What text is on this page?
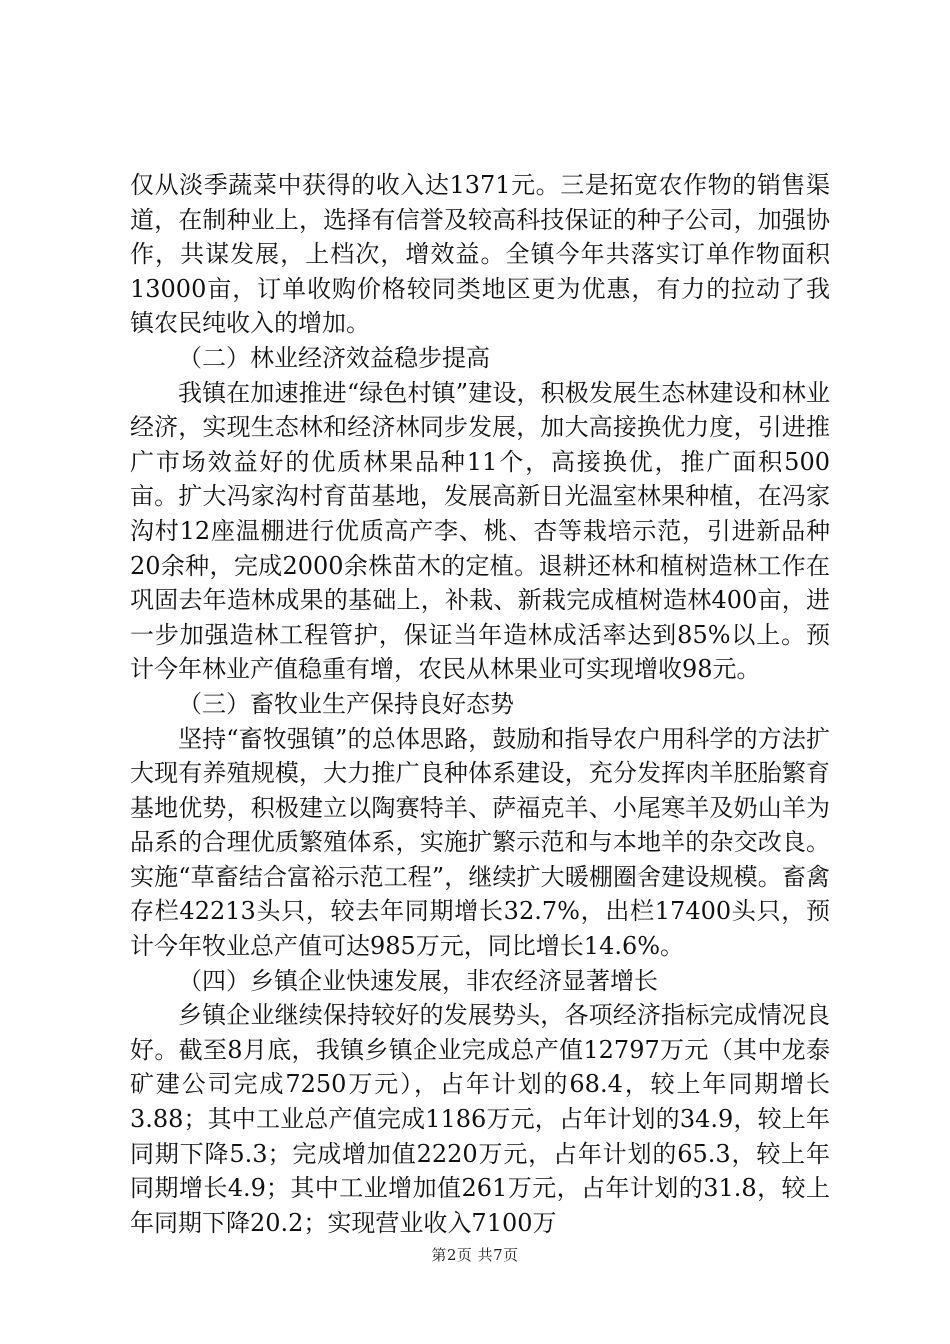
仅从淡季蔬菜中获得的收入达1371元。三是拓宽农作物的销售渠道，在制种业上，选择有信誉及较高科技保证的种子公司，加强协作，共谋发展，上档次，增效益。全镇今年共落实订单作物面积13000亩，订单收购价格较同类地区更为优惠，有力的拉动了我镇农民纯收入的增加。

（二）林业经济效益稳步提高

我镇在加速推进“绿色村镇”建设，积极发展生态林建设和林业经济，实现生态林和经济林同步发展，加大高接换优力度，引进推广市场效益好的优质林果品种11个，高接换优，推广面积500亩。扩大冯家沟村育苗基地，发展高新日光温室林果种植，在冯家沟村12座温棚进行优质高产李、桃、杏等栽培示范，引进新品种20余种，完成2000余株苗木的定植。退耕还林和植树造林工作在巩固去年造林成果的基础上，补栽、新栽完成植树造林400亩，进一步加强造林工程管护，保证当年造林成活率达到85%以上。预计今年林业产值稳重有增，农民从林果业可实现增收98元。

（三）畜牧业生产保持良好态势

坚持“畜牧强镇”的总体思路，鼓励和指导农户用科学的方法扩大现有养殖规模，大力推广良种体系建设，充分发挥肉羊胚胎繁育基地优势，积极建立以陶赛特羊、萨福克羊、小尾寒羊及奶山羊为品系的合理优质繁殖体系，实施扩繁示范和与本地羊的杂交改良。实施“草畜结合富裕示范工程”，继续扩大暖棚圈舍建设规模。畜禽存栏42213头只，较去年同期增长32.7%，出栏17400头只，预计今年牧业总产值可达985万元，同比增长14.6%。

（四）乡镇企业快速发展，非农经济显著增长

乡镇企业继续保持较好的发展势头，各项经济指标完成情况良好。截至8月底，我镇乡镇企业完成总产值12797万元（其中龙泰矿建公司完成7250万元），占年计划的68.4，较上年同期增长3.88；其中工业总产值完成1186万元，占年计划的34.9，较上年同期下降5.3；完成增加值2220万元，占年计划的65.3，较上年同期增长4.9；其中工业增加值261万元，占年计划的31.8，较上年同期下降20.2；实现营业收入7100万

第2页 共7页
